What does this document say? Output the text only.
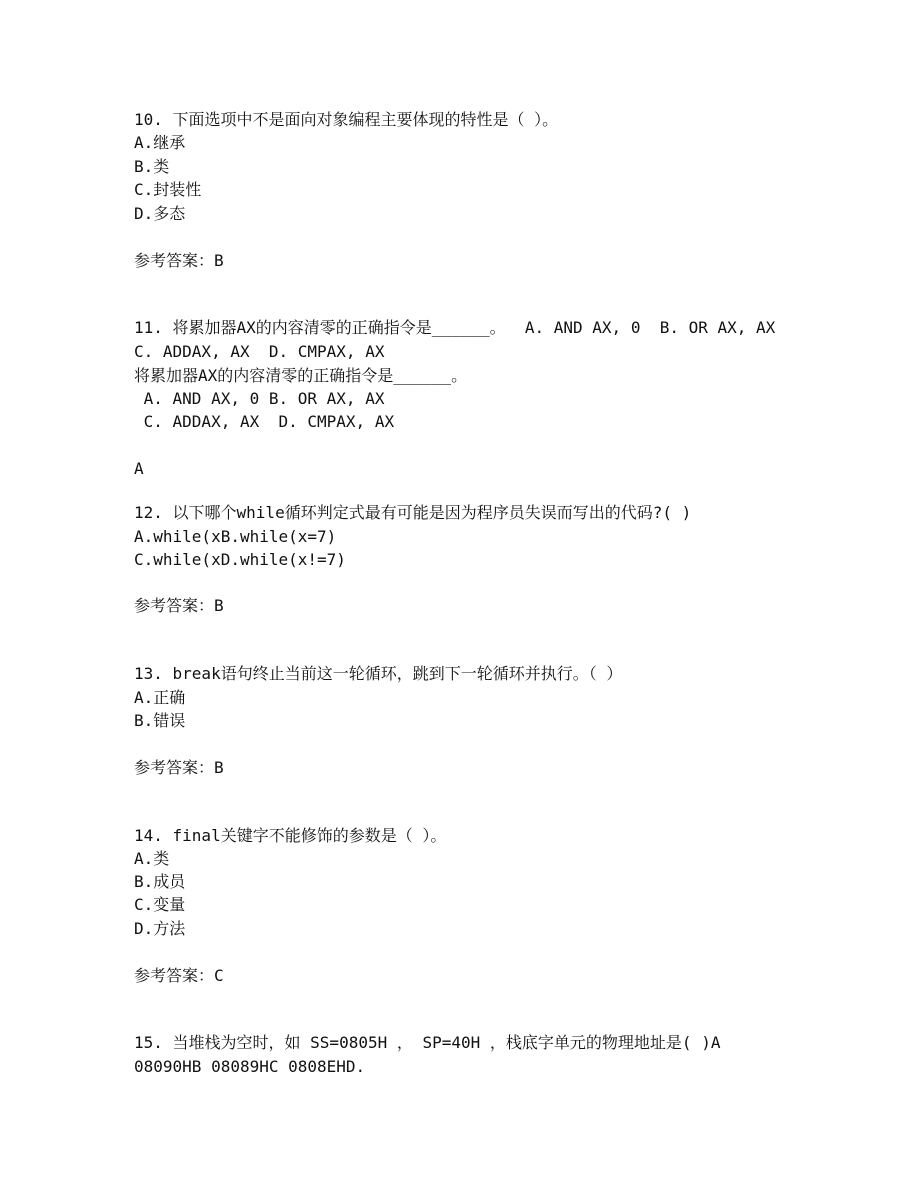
10. 下面选项中不是面向对象编程主要体现的特性是（ ）。
A.继承
B.类
C.封装性
D.多态
参考答案：B
11. 将累加器AX的内容清零的正确指令是______。  A. AND AX, 0  B. OR AX, AX
C. ADDAX, AX  D. CMPAX, AX
将累加器AX的内容清零的正确指令是______。
A. AND AX, 0 B. OR AX, AX
C. ADDAX, AX  D. CMPAX, AX
A
12. 以下哪个while循环判定式最有可能是因为程序员失误而写出的代码?( )
A.while(xB.while(x=7)
C.while(xD.while(x!=7)
参考答案：B
13. break语句终止当前这一轮循环，跳到下一轮循环并执行。（ ）
A.正确
B.错误
参考答案：B
14. final关键字不能修饰的参数是（ ）。
A.类
B.成员
C.变量
D.方法
参考答案：C
15. 当堆栈为空时，如 SS=0805H ， SP=40H ，栈底字单元的物理地址是( )A
08090HB 08089HC 0808EHD.
